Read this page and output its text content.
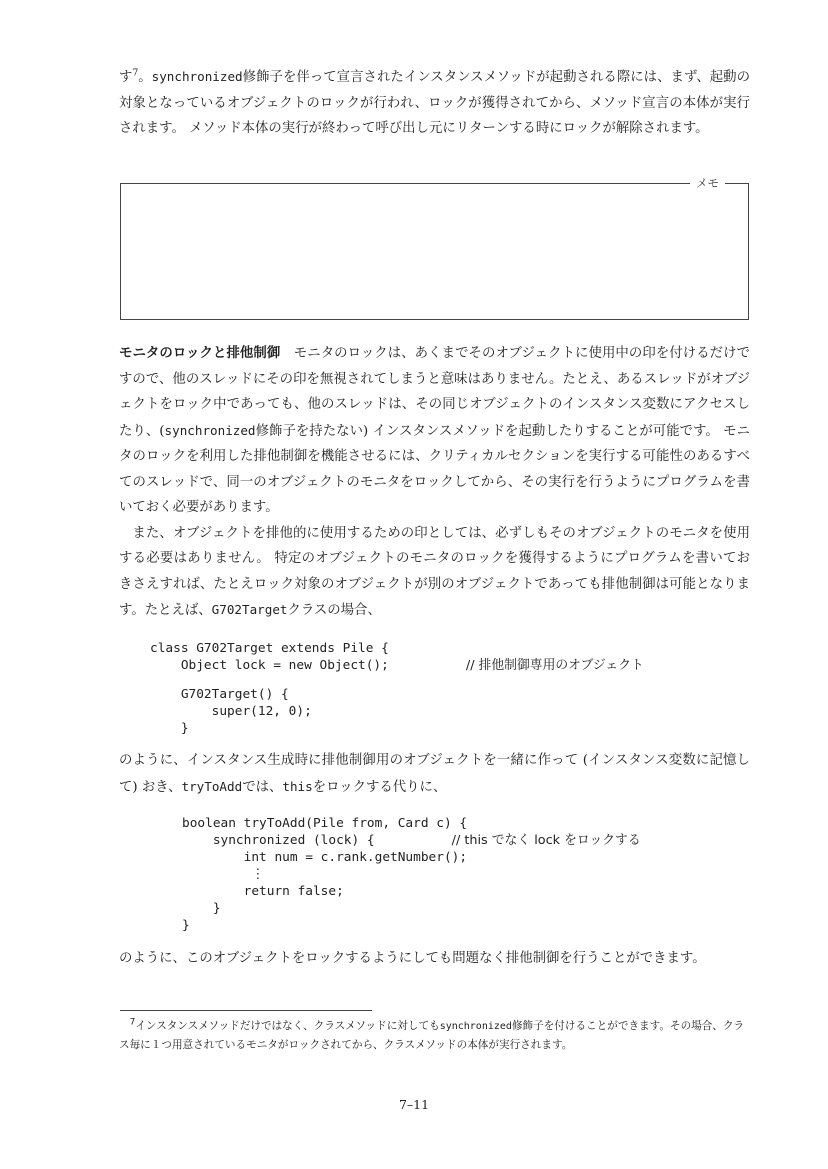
す$^7$。synchronized修飾子を伴って宣言されたインスタンスメソッドが起動される際には、まず、起動の対象となっているオブジェクトのロックが行われ、ロックが獲得されてから、メソッド宣言の本体が実行されます。 メソッド本体の実行が終わって呼び出し元にリターンする時にロックが解除されます。

メモ

モニタのロックと排他制御　モニタのロックは、あくまでそのオブジェクトに使用中の印を付けるだけですので、他のスレッドにその印を無視されてしまうと意味はありません。たとえ、あるスレッドがオブジェクトをロック中であっても、他のスレッドは、その同じオブジェクトのインスタンス変数にアクセスしたり、(synchronized修飾子を持たない) インスタンスメソッドを起動したりすることが可能です。 モニタのロックを利用した排他制御を機能させるには、クリティカルセクションを実行する可能性のあるすべてのスレッドで、同一のオブジェクトのモニタをロックしてから、その実行を行うようにプログラムを書いておく必要があります。

また、オブジェクトを排他的に使用するための印としては、必ずしもそのオブジェクトのモニタを使用する必要はありません。 特定のオブジェクトのモニタのロックを獲得するようにプログラムを書いておきさえすれば、たとえロック対象のオブジェクトが別のオブジェクトであっても排他制御は可能となります。たとえば、G702Targetクラスの場合、

class G702Target extends Pile {
Object lock = new Object();          // 排他制御専用のオブジェクト
G702Target() {
super(12, 0);
}

のように、インスタンス生成時に排他制御用のオブジェクトを一緒に作って (インスタンス変数に記憶して) おき、tryToAddでは、thisをロックする代りに、

boolean tryToAdd(Pile from, Card c) {
synchronized (lock) {          // this でなく lock をロックする
int num = c.rank.getNumber();
⋮
return false;
}
}

のように、このオブジェクトをロックするようにしても問題なく排他制御を行うことができます。

　$^7$インスタンスメソッドだけではなく、クラスメソッドに対してもsynchronized修飾子を付けることができます。その場合、クラス毎に１つ用意されているモニタがロックされてから、クラスメソッドの本体が実行されます。

7–11
